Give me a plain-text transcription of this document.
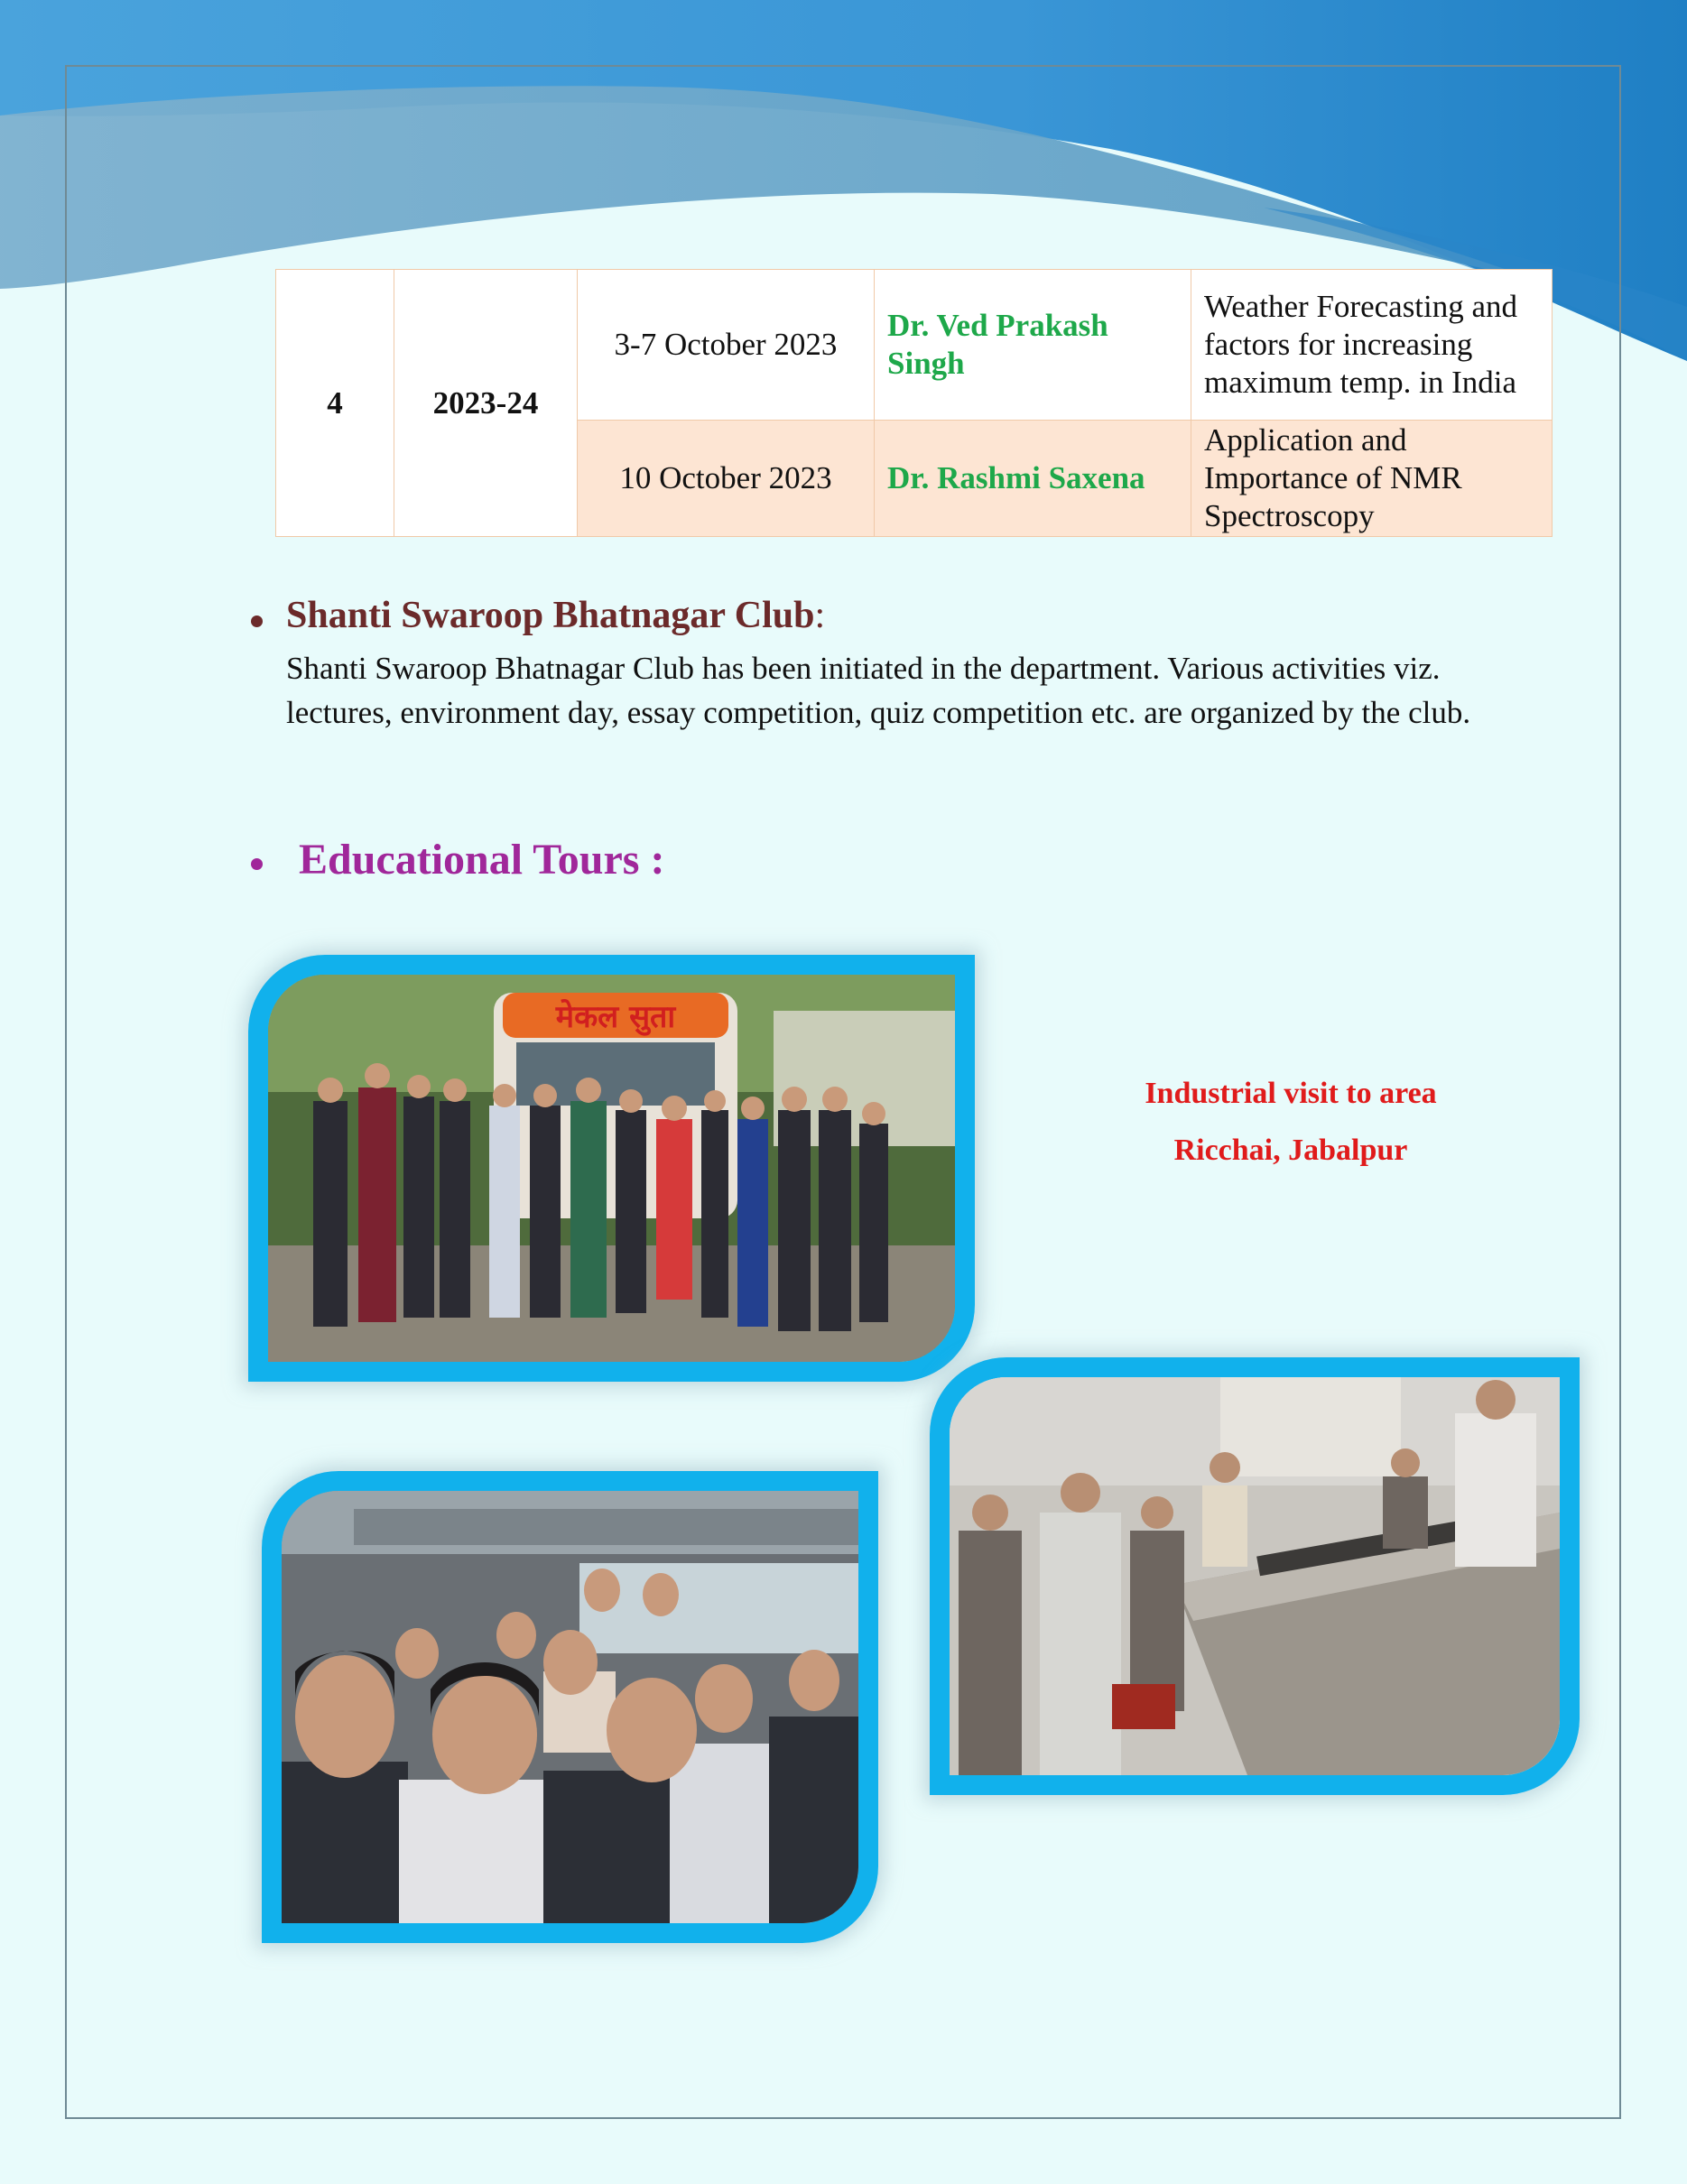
4	2023-24	3-7 October 2023	Dr. Ved Prakash Singh	Weather Forecasting and factors for increasing maximum temp. in India
		10 October 2023	Dr. Rashmi Saxena	Application and Importance of NMR Spectroscopy
Shanti Swaroop Bhatnagar Club:

Shanti Swaroop Bhatnagar Club has been initiated in the department. Various activities viz. lectures, environment day, essay competition, quiz competition etc. are organized by the club.

Educational Tours :
मेकल सुता

Industrial visit to area
Ricchai, Jabalpur
